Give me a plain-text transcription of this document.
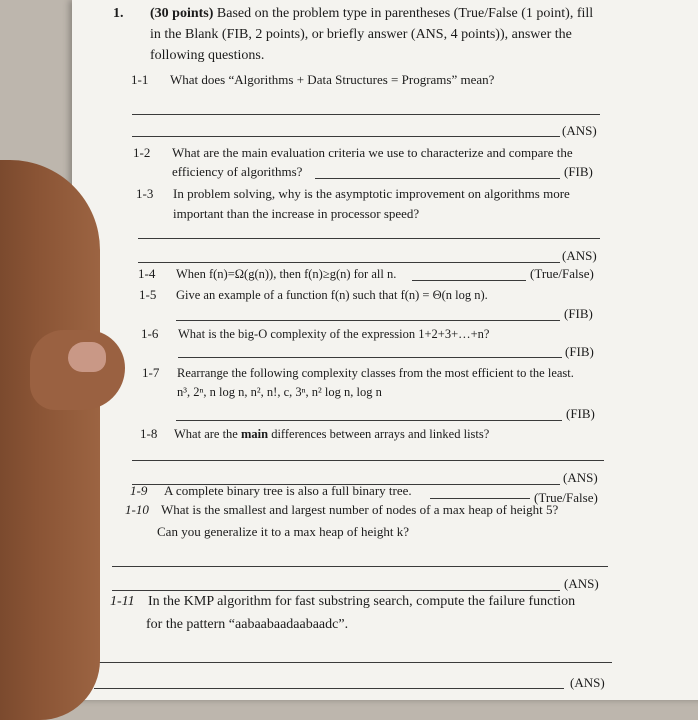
1. (30 points) Based on the problem type in parentheses (True/False (1 point), fill
in the Blank (FIB, 2 points), or briefly answer (ANS, 4 points)), answer the
following questions.
1-1 What does “Algorithms + Data Structures = Programs” mean?
(ANS)
1-2 What are the main evaluation criteria we use to characterize and compare the
efficiency of algorithms?	(FIB)
1-3 In problem solving, why is the asymptotic improvement on algorithms more
important than the increase in processor speed?
(ANS)
1-4 When f(n)=Ω(g(n)), then f(n)≥g(n) for all n.	(True/False)
1-5 Give an example of a function f(n) such that f(n) = Θ(n log n).
(FIB)
1-6 What is the big-O complexity of the expression 1+2+3+…+n?
(FIB)
1-7 Rearrange the following complexity classes from the most efficient to the least.
n³, 2ⁿ, n log n, n², n!, c, 3ⁿ, n² log n, log n
(FIB)
1-8 What are the main differences between arrays and linked lists?
(ANS)
1-9 A complete binary tree is also a full binary tree.	(True/False)
1-10 What is the smallest and largest number of nodes of a max heap of height 5?
Can you generalize it to a max heap of height k?
(ANS)
1-11 In the KMP algorithm for fast substring search, compute the failure function
for the pattern “aabaabaadaabaadc”.
(ANS)
